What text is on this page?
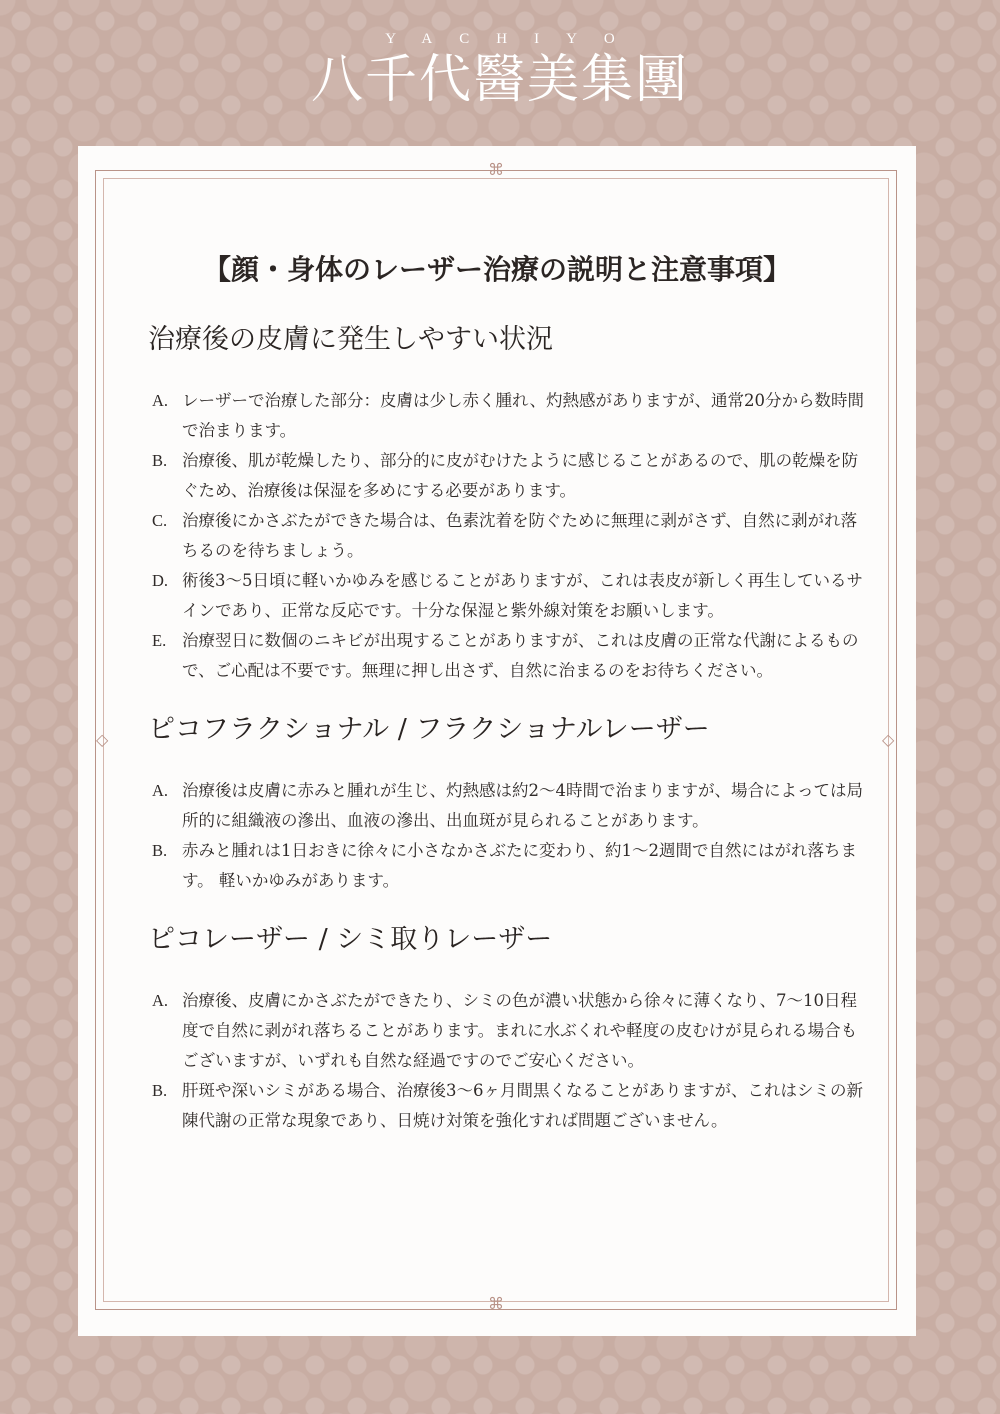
YACHIYO
八千代醫美集團
⌘
⌘
◇	◇
【顔・身体のレーザー治療の説明と注意事項】
治療後の皮膚に発生しやすい状況
A. レーザーで治療した部分：皮膚は少し赤く腫れ、灼熱感がありますが、通常20分から数時間で治まります。
B. 治療後、肌が乾燥したり、部分的に皮がむけたように感じることがあるので、肌の乾燥を防ぐため、治療後は保湿を多めにする必要があります。
C. 治療後にかさぶたができた場合は、色素沈着を防ぐために無理に剥がさず、自然に剥がれ落ちるのを待ちましょう。
D. 術後3～5日頃に軽いかゆみを感じることがありますが、これは表皮が新しく再生しているサインであり、正常な反応です。十分な保湿と紫外線対策をお願いします。
E. 治療翌日に数個のニキビが出現することがありますが、これは皮膚の正常な代謝によるもので、ご心配は不要です。無理に押し出さず、自然に治まるのをお待ちください。
ピコフラクショナル / フラクショナルレーザー
A. 治療後は皮膚に赤みと腫れが生じ、灼熱感は約2～4時間で治まりますが、場合によっては局所的に組織液の滲出、血液の滲出、出血斑が見られることがあります。
B. 赤みと腫れは1日おきに徐々に小さなかさぶたに変わり、約1～2週間で自然にはがれ落ちます。 軽いかゆみがあります。
ピコレーザー / シミ取りレーザー
A. 治療後、皮膚にかさぶたができたり、シミの色が濃い状態から徐々に薄くなり、7～10日程度で自然に剥がれ落ちることがあります。まれに水ぶくれや軽度の皮むけが見られる場合もございますが、いずれも自然な経過ですのでご安心ください。
B. 肝斑や深いシミがある場合、治療後3～6ヶ月間黒くなることがありますが、これはシミの新陳代謝の正常な現象であり、日焼け対策を強化すれば問題ございません。
